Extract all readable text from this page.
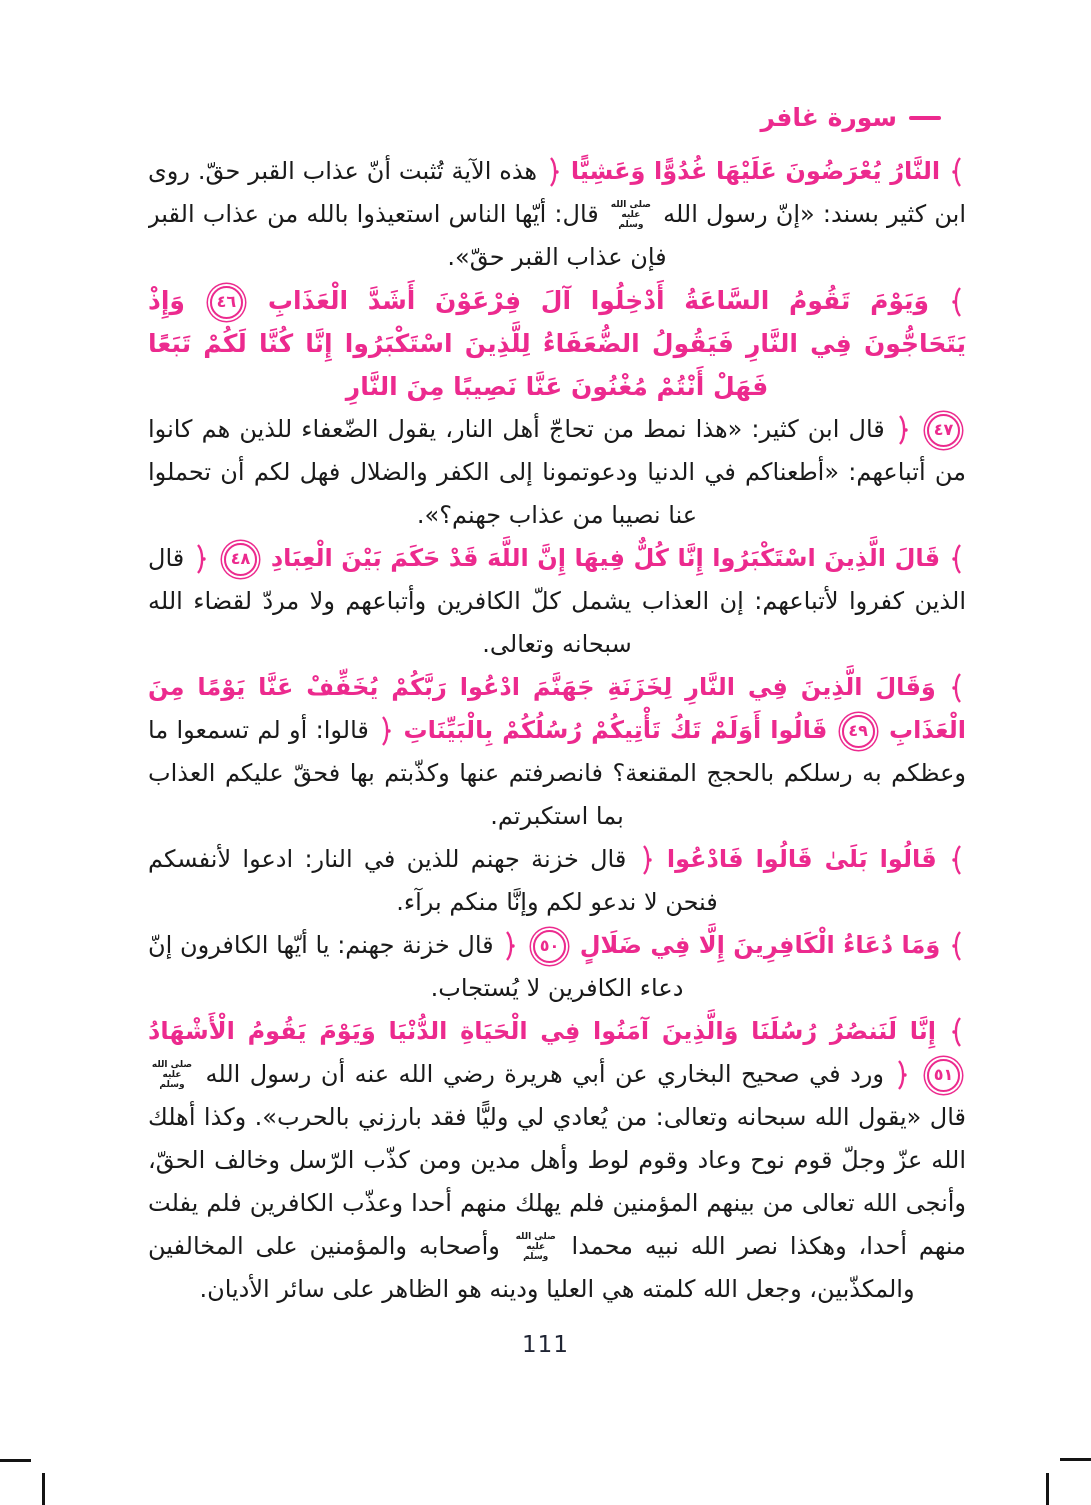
سورة غافر

النَّارُ يُعْرَضُونَ عَلَيْهَا غُدُوًّا وَعَشِيًّا
هذه الآية تُثبت أنّ عذاب القبر حقّ. روى ابن كثير بسند: «إنّ رسول الله صلى الله عليه وسلم قال: أيّها الناس استعيذوا بالله من عذاب القبر فإن عذاب القبر حقّ».

وَيَوْمَ تَقُومُ السَّاعَةُ أَدْخِلُوا آلَ فِرْعَوْنَ أَشَدَّ الْعَذَابِ ٤٦ وَإِذْ يَتَحَاجُّونَ فِي النَّارِ فَيَقُولُ الضُّعَفَاءُ لِلَّذِينَ اسْتَكْبَرُوا إِنَّا كُنَّا لَكُمْ تَبَعًا فَهَلْ أَنْتُمْ مُغْنُونَ عَنَّا نَصِيبًا مِنَ النَّارِ

٤٧
قال ابن كثير: «هذا نمط من تحاجّ أهل النار، يقول الضّعفاء للذين هم كانوا من أتباعهم: «أطعناكم في الدنيا ودعوتمونا إلى الكفر والضلال فهل لكم أن تحملوا عنا نصيبا من عذاب جهنم؟».

قَالَ الَّذِينَ اسْتَكْبَرُوا إِنَّا كُلٌّ فِيهَا إِنَّ اللَّهَ قَدْ حَكَمَ بَيْنَ الْعِبَادِ ٤٨
قال الذين كفروا لأتباعهم: إن العذاب يشمل كلّ الكافرين وأتباعهم ولا مردّ لقضاء الله سبحانه وتعالى.

وَقَالَ الَّذِينَ فِي النَّارِ لِخَزَنَةِ جَهَنَّمَ ادْعُوا رَبَّكُمْ يُخَفِّفْ عَنَّا يَوْمًا مِنَ الْعَذَابِ ٤٩ قَالُوا أَوَلَمْ تَكُ تَأْتِيكُمْ رُسُلُكُمْ بِالْبَيِّنَاتِ
قالوا: أو لم تسمعوا ما وعظكم به رسلكم بالحجج المقنعة؟ فانصرفتم عنها وكذّبتم بها فحقّ عليكم العذاب بما استكبرتم.

قَالُوا بَلَىٰ قَالُوا فَادْعُوا
قال خزنة جهنم للذين في النار: ادعوا لأنفسكم فنحن لا ندعو لكم وإنَّا منكم برآء.

وَمَا دُعَاءُ الْكَافِرِينَ إِلَّا فِي ضَلَالٍ ٥٠
قال خزنة جهنم: يا أيّها الكافرون إنّ دعاء الكافرين لا يُستجاب.

إِنَّا لَنَنصُرُ رُسُلَنَا وَالَّذِينَ آمَنُوا فِي الْحَيَاةِ الدُّنْيَا وَيَوْمَ يَقُومُ الْأَشْهَادُ ٥١
ورد في صحيح البخاري عن أبي هريرة رضي الله عنه أن رسول الله صلى الله عليه وسلم قال «يقول الله سبحانه وتعالى: من يُعادي لي وليًّا فقد بارزني بالحرب». وكذا أهلك الله عزّ وجلّ قوم نوح وعاد وقوم لوط وأهل مدين ومن كذّب الرّسل وخالف الحقّ، وأنجى الله تعالى من بينهم المؤمنين فلم يهلك منهم أحدا وعذّب الكافرين فلم يفلت منهم أحدا، وهكذا نصر الله نبيه محمدا صلى الله عليه وسلم وأصحابه والمؤمنين على المخالفين والمكذّبين، وجعل الله كلمته هي العليا ودينه هو الظاهر على سائر الأديان.

111
